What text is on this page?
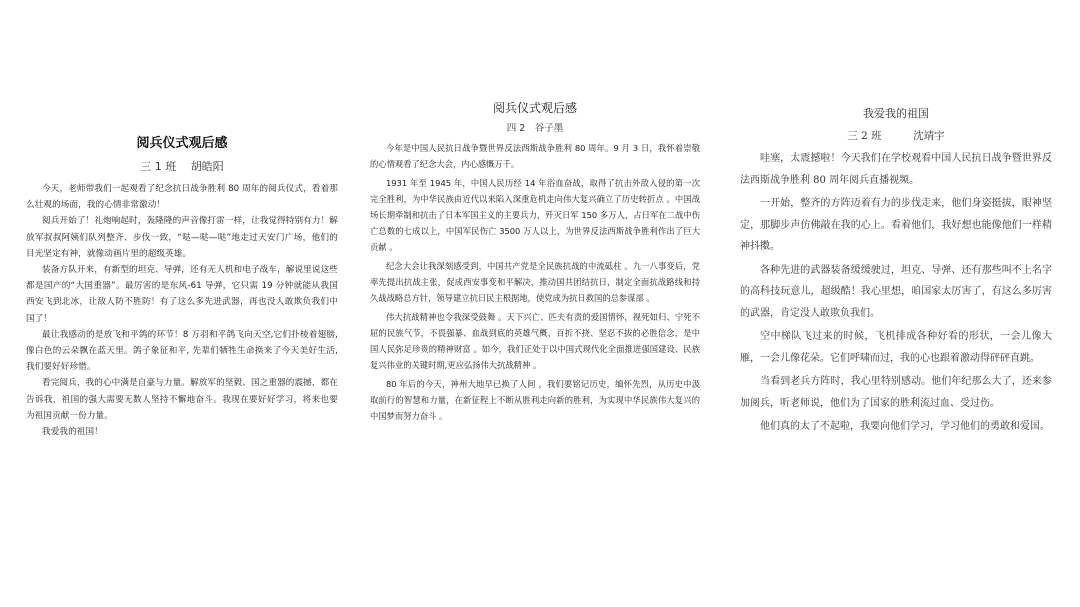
阅兵仪式观后感
三 1 班　 胡皓阳

今天，老师带我们一起观看了纪念抗日战争胜利 80 周年的阅兵仪式，看着那么壮观的场面，我的心情非常激动！

阅兵开始了！礼炮响起时，轰隆隆的声音像打雷一样，让我觉得特别有力！解放军叔叔阿姨们队列整齐、步伐一致，“哒—哒—哒”地走过天安门广场，他们的目光坚定有神，就像动画片里的超级英雄。

装备方队开来，有新型的坦克、导弹，还有无人机和电子战车，解说里说这些都是国产的“大国重器”。最厉害的是东风-61 导弹，它只需 19 分钟就能从我国西安飞到北冰，让敌人防不胜防！有了这么多先进武器，再也没人敢欺负我们中国了！

最让我感动的是放飞和平鸽的环节！8 万羽和平鸽飞向天空,它们扑棱着翅膀,像白色的云朵飘在蓝天里。鸽子象征和平, 先辈们牺牲生命换来了今天美好生活, 我们要好好珍惜。

看完阅兵，我的心中满是自豪与力量。解放军的坚毅、国之重器的震撼，都在告诉我，祖国的强大需要无数人坚持不懈地奋斗。我现在要好好学习，将来也要为祖国贡献一份力量。

我爱我的祖国！

阅兵仪式观后感
四 2　谷子墨

今年是中国人民抗日战争暨世界反法西斯战争胜利 80 周年。9 月 3 日，我怀着崇敬的心情观看了纪念大会，内心感慨万千。

1931 年至 1945 年，中国人民历经 14 年浴血奋战，取得了抗击外敌入侵的第一次完全胜利，为中华民族由近代以来陷入深重危机走向伟大复兴确立了历史转折点 。中国战场长期牵制和抗击了日本军国主义的主要兵力，歼灭日军 150 多万人，占日军在二战中伤亡总数的七成以上，中国军民伤亡 3500 万人以上，为世界反法西斯战争胜利作出了巨大贡献 。

纪念大会让我深刻感受到，中国共产党是全民族抗战的中流砥柱 。九一八事变后，党率先提出抗战主张，促成西安事变和平解决，推动国共团结抗日，制定全面抗战路线和持久战战略总方针，领导建立抗日民主根据地，使党成为抗日救国的总参谋部 。

伟大抗战精神也令我深受鼓舞 。天下兴亡、匹夫有责的爱国情怀，视死如归、宁死不屈的民族气节，不畏强暴、血战到底的英雄气概，百折不挠、坚忍不拔的必胜信念，是中国人民弥足珍贵的精神财富 。如今，我们正处于以中国式现代化全面推进强国建设、民族复兴伟业的关键时期,更应弘扬伟大抗战精神 。

80 年后的今天，神州大地早已换了人间 ，我们要铭记历史，缅怀先烈，从历史中汲取前行的智慧和力量，在新征程上不断从胜利走向新的胜利，为实现中华民族伟大复兴的中国梦而努力奋斗 。

我爱我的祖国
三 2 班　　　沈靖宇

哇塞，太震撼啦！今天我们在学校观看中国人民抗日战争暨世界反法西斯战争胜利 80 周年阅兵直播视频。

一开始，整齐的方阵迈着有力的步伐走来，他们身姿挺拔，眼神坚定，那脚步声仿佛敲在我的心上。看着他们，我好想也能像他们一样精神抖擞。

各种先进的武器装备缓缓驶过，坦克、导弹、还有那些叫不上名字的高科技玩意儿，超级酷！我心里想，咱国家太厉害了，有这么多厉害的武器，肯定没人敢欺负我们。

空中梯队飞过来的时候，飞机排成各种好看的形状，一会儿像大雁，一会儿像花朵。它们呼啸而过，我的心也跟着激动得砰砰直跳。

当看到老兵方阵时，我心里特别感动。他们年纪那么大了，还来参加阅兵，听老师说，他们为了国家的胜利流过血、受过伤。

他们真的太了不起啦，我要向他们学习，学习他们的勇敢和爱国。
